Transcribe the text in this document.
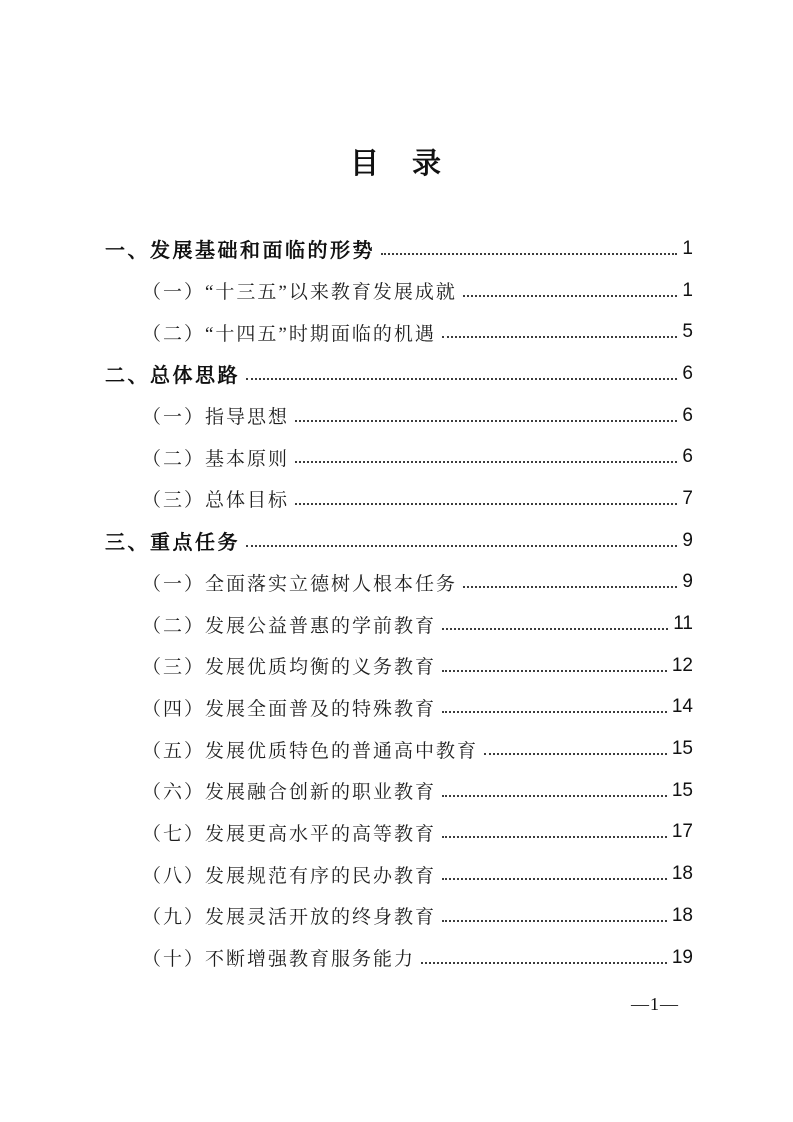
目　录
一、发展基础和面临的形势	1
（一）“十三五”以来教育发展成就	1
（二）“十四五”时期面临的机遇	5
二、总体思路	6
（一）指导思想	6
（二）基本原则	6
（三）总体目标	7
三、重点任务	9
（一）全面落实立德树人根本任务	9
（二）发展公益普惠的学前教育	11
（三）发展优质均衡的义务教育	12
（四）发展全面普及的特殊教育	14
（五）发展优质特色的普通高中教育	15
（六）发展融合创新的职业教育	15
（七）发展更高水平的高等教育	17
（八）发展规范有序的民办教育	18
（九）发展灵活开放的终身教育	18
（十）不断增强教育服务能力	19
—1—
